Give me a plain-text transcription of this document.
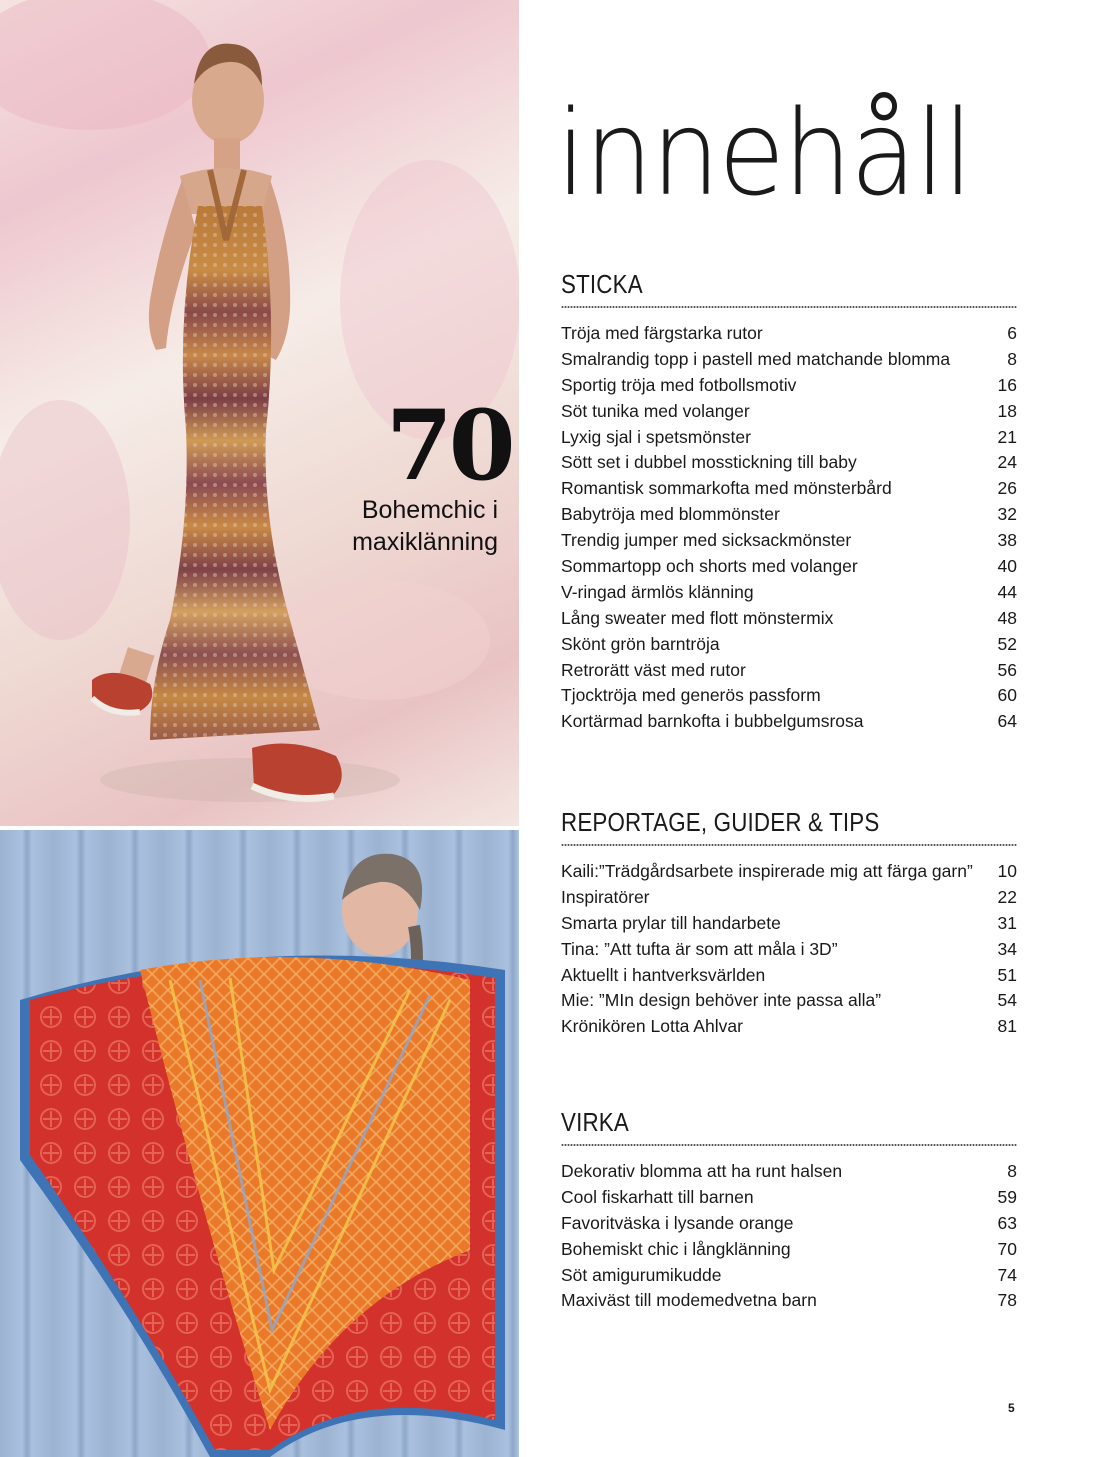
70
Bohemchic i
maxiklänning
innehåll
STICKA
Tröja med färgstarka rutor	6
Smalrandig topp i pastell med matchande blomma	8
Sportig tröja med fotbollsmotiv	16
Söt tunika med volanger	18
Lyxig sjal i spetsmönster	21
Sött set i dubbel mosstickning till baby	24
Romantisk sommarkofta med mönsterbård	26
Babytröja med blommönster	32
Trendig jumper med sicksackmönster	38
Sommartopp och shorts med volanger	40
V-ringad ärmlös klänning	44
Lång sweater med flott mönstermix	48
Skönt grön barntröja	52
Retrorätt väst med rutor	56
Tjocktröja med generös passform	60
Kortärmad barnkofta i bubbelgumsrosa	64
REPORTAGE, GUIDER & TIPS
Kaili:”Trädgårdsarbete inspirerade mig att färga garn” 10
Inspiratörer	22
Smarta prylar till handarbete	31
Tina: ”Att tufta är som att måla i 3D”	34
Aktuellt i hantverksvärlden	51
Mie: ”MIn design behöver inte passa alla”	54
Krönikören Lotta Ahlvar	81
VIRKA
Dekorativ blomma att ha runt halsen	8
Cool fiskarhatt till barnen	59
Favoritväska i lysande orange	63
Bohemiskt chic i långklänning	70
Söt amigurumikudde	74
Maxiväst till modemedvetna barn	78
5
